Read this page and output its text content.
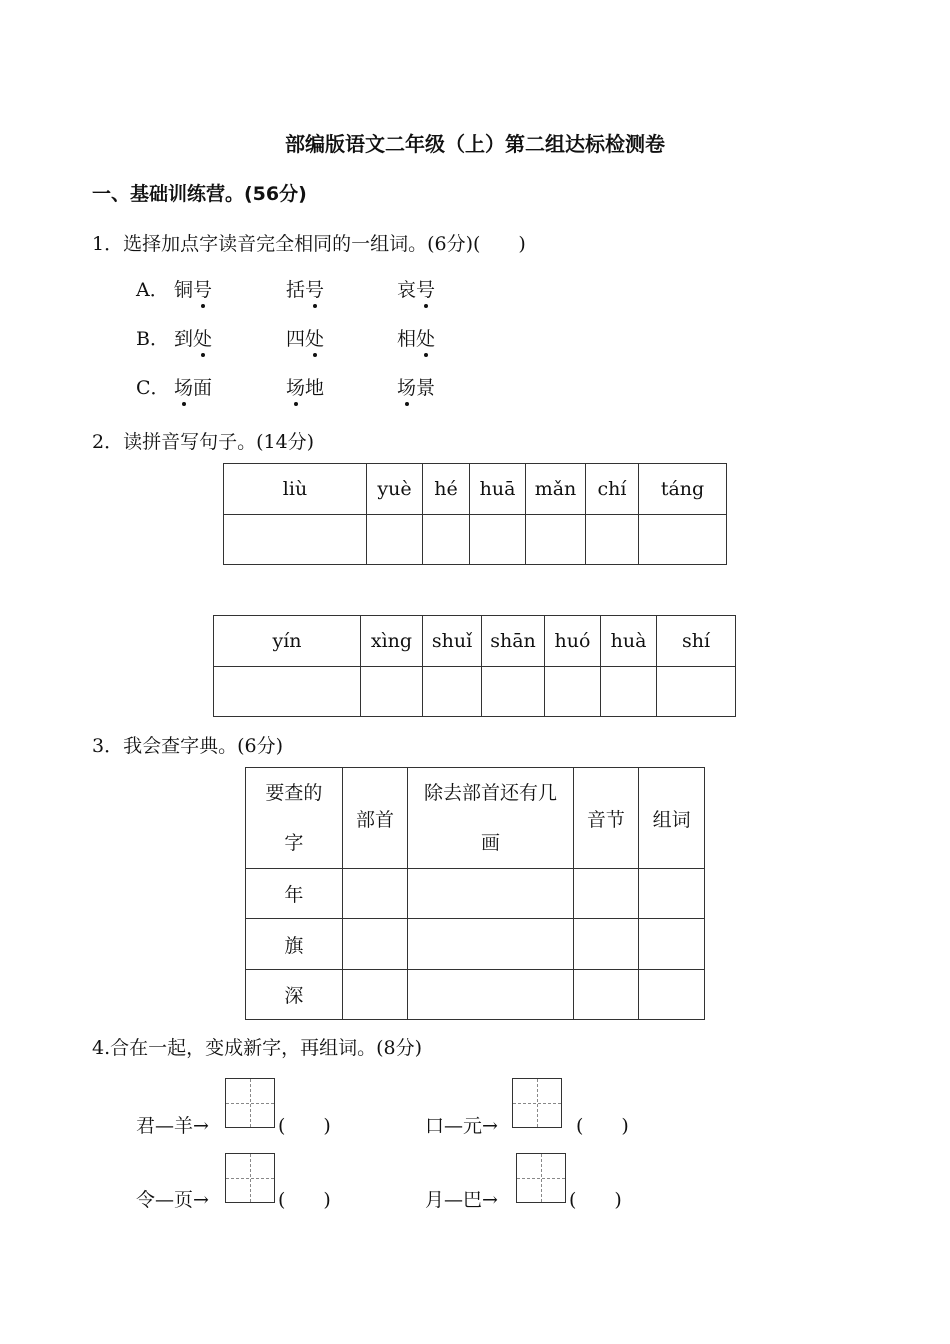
部编版语文二年级（上）第二组达标检测卷
一、基础训练营。(56分)
1．选择加点字读音完全相同的一组词。(6分)(　　)
A． 铜号	括号	哀号
B． 到处	四处	相处
C． 场面	场地	场景
2．读拼音写句子。(14分)
liù	yuè	hé	huā	mǎn	chí	táng

yín	xìng	shuǐ	shān	huó	huà	shí

3．我会查字典。(6分)
要查的字	部首	除去部首还有几画	音节	组词
年				
旗				
深				
4.合在一起，变成新字，再组词。(8分)
君—羊→	(　　)	口—元→	(　　)
令—页→	(　　)	月—巴→	(　　)
